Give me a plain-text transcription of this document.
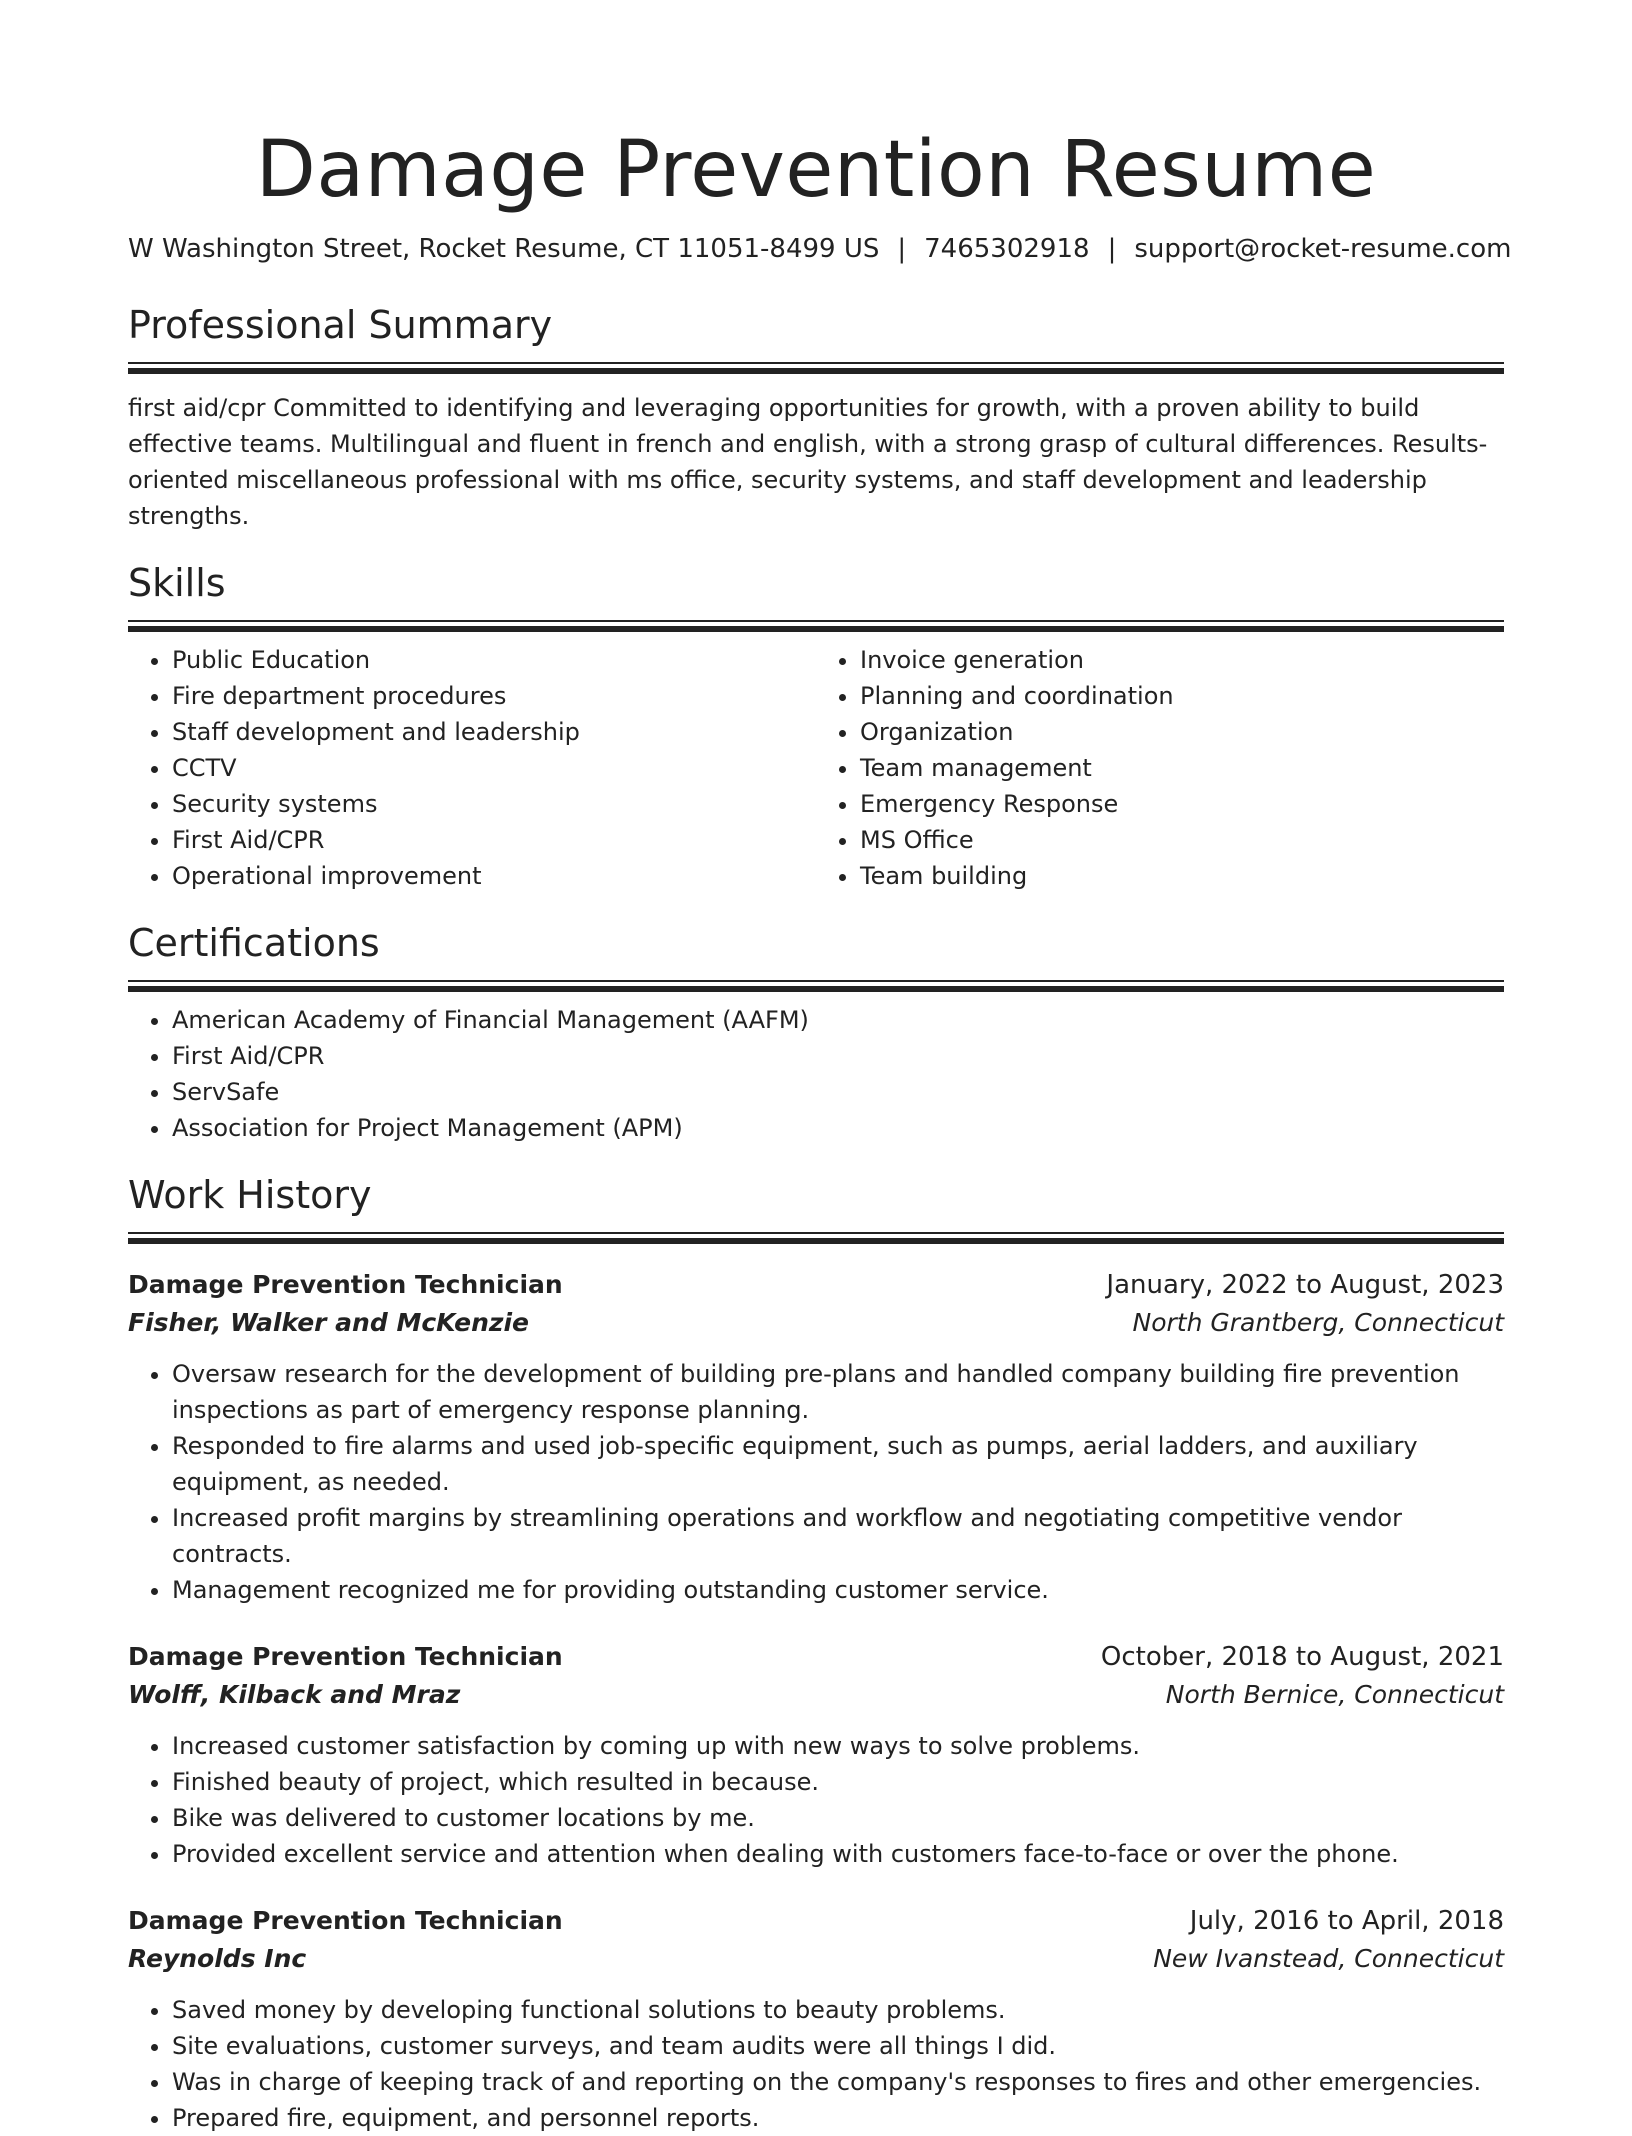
Damage Prevention Resume
W Washington Street, Rocket Resume, CT 11051-8499 US | 7465302918 | support@rocket-resume.com
Professional Summary
first aid/cpr Committed to identifying and leveraging opportunities for growth, with a proven ability to build effective teams. Multilingual and fluent in french and english, with a strong grasp of cultural differences. Results-oriented miscellaneous professional with ms office, security systems, and staff development and leadership strengths.
Skills
• Public Education
• Fire department procedures
• Staff development and leadership
• CCTV
• Security systems
• First Aid/CPR
• Operational improvement
• Invoice generation
• Planning and coordination
• Organization
• Team management
• Emergency Response
• MS Office
• Team building
Certifications
• American Academy of Financial Management (AAFM)
• First Aid/CPR
• ServSafe
• Association for Project Management (APM)
Work History
Damage Prevention Technician	January, 2022 to August, 2023
Fisher, Walker and McKenzie	North Grantberg, Connecticut
• Oversaw research for the development of building pre-plans and handled company building fire prevention inspections as part of emergency response planning.
• Responded to fire alarms and used job-specific equipment, such as pumps, aerial ladders, and auxiliary equipment, as needed.
• Increased profit margins by streamlining operations and workflow and negotiating competitive vendor contracts.
• Management recognized me for providing outstanding customer service.
Damage Prevention Technician	October, 2018 to August, 2021
Wolff, Kilback and Mraz	North Bernice, Connecticut
• Increased customer satisfaction by coming up with new ways to solve problems.
• Finished beauty of project, which resulted in because.
• Bike was delivered to customer locations by me.
• Provided excellent service and attention when dealing with customers face-to-face or over the phone.
Damage Prevention Technician	July, 2016 to April, 2018
Reynolds Inc	New Ivanstead, Connecticut
• Saved money by developing functional solutions to beauty problems.
• Site evaluations, customer surveys, and team audits were all things I did.
• Was in charge of keeping track of and reporting on the company's responses to fires and other emergencies.
• Prepared fire, equipment, and personnel reports.
